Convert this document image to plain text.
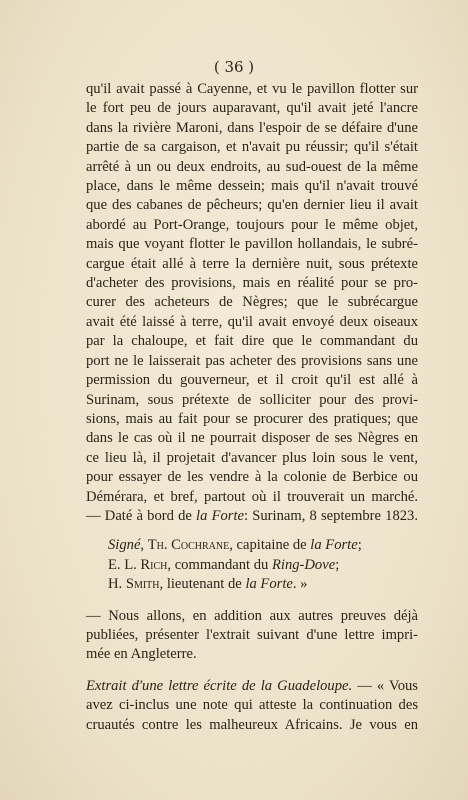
( 36 )
qu'il avait passé à Cayenne, et vu le pavillon flotter sur
le fort peu de jours auparavant, qu'il avait jeté l'ancre
dans la rivière Maroni, dans l'espoir de se défaire d'une
partie de sa cargaison, et n'avait pu réussir; qu'il s'était
arrêté à un ou deux endroits, au sud-ouest de la même
place, dans le même dessein; mais qu'il n'avait trouvé
que des cabanes de pêcheurs; qu'en dernier lieu il avait
abordé au Port-Orange, toujours pour le même objet,
mais que voyant flotter le pavillon hollandais, le subré-
cargue était allé à terre la dernière nuit, sous prétexte
d'acheter des provisions, mais en réalité pour se pro-
curer des acheteurs de Nègres; que le subrécargue
avait été laissé à terre, qu'il avait envoyé deux oiseaux
par la chaloupe, et fait dire que le commandant du
port ne le laisserait pas acheter des provisions sans une
permission du gouverneur, et il croit qu'il est allé à
Surinam, sous prétexte de solliciter pour des provi-
sions, mais au fait pour se procurer des pratiques; que
dans le cas où il ne pourrait disposer de ses Nègres en
ce lieu là, il projetait d'avancer plus loin sous le vent,
pour essayer de les vendre à la colonie de Berbice ou
Démérara, et bref, partout où il trouverait un marché.
— Daté à bord de la Forte: Surinam, 8 septembre 1823.
Signé, Th. Cochrane, capitaine de la Forte;
E. L. Rich, commandant du Ring-Dove;
H. Smith, lieutenant de la Forte. »
— Nous allons, en addition aux autres preuves déjà
publiées, présenter l'extrait suivant d'une lettre impri-
mée en Angleterre.
Extrait d'une lettre écrite de la Guadeloupe. — « Vous
avez ci-inclus une note qui atteste la continuation des
cruautés contre les malheureux Africains. Je vous en
